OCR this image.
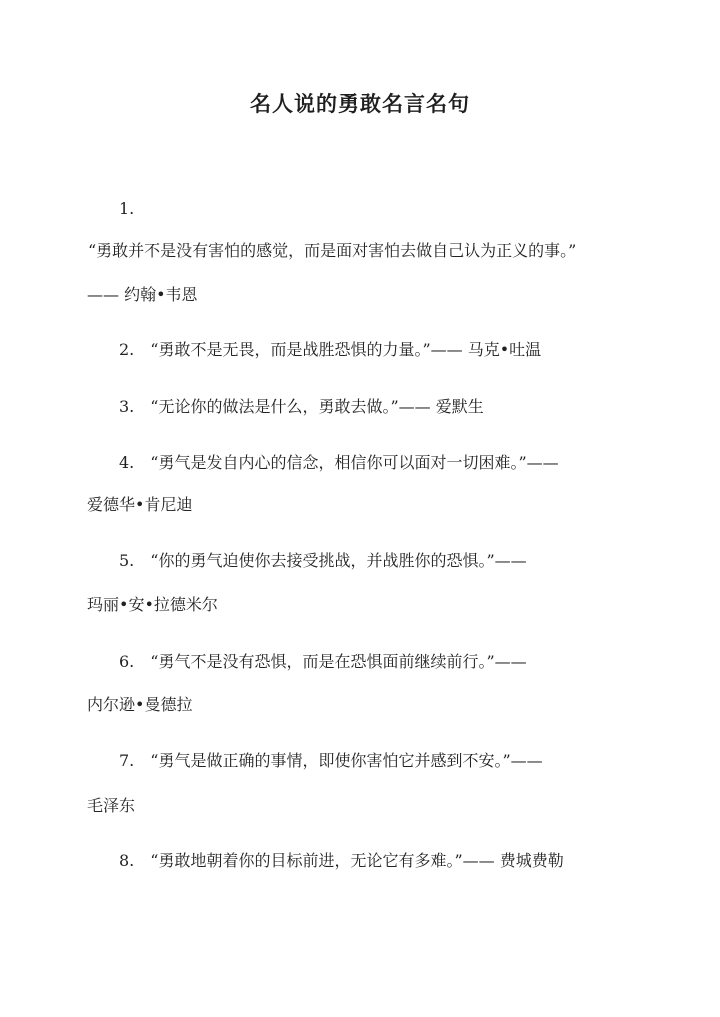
名人说的勇敢名言名句
1.
“勇敢并不是没有害怕的感觉，而是面对害怕去做自己认为正义的事。”
—— 约翰•韦恩
2.　“勇敢不是无畏，而是战胜恐惧的力量。”—— 马克•吐温
3.　“无论你的做法是什么，勇敢去做。”—— 爱默生
4.　“勇气是发自内心的信念，相信你可以面对一切困难。”——
爱德华•肯尼迪
5.　“你的勇气迫使你去接受挑战，并战胜你的恐惧。”——
玛丽•安•拉德米尔
6.　“勇气不是没有恐惧，而是在恐惧面前继续前行。”——
内尔逊•曼德拉
7.　“勇气是做正确的事情，即使你害怕它并感到不安。”——
毛泽东
8.　“勇敢地朝着你的目标前进，无论它有多难。”—— 费城费勒
